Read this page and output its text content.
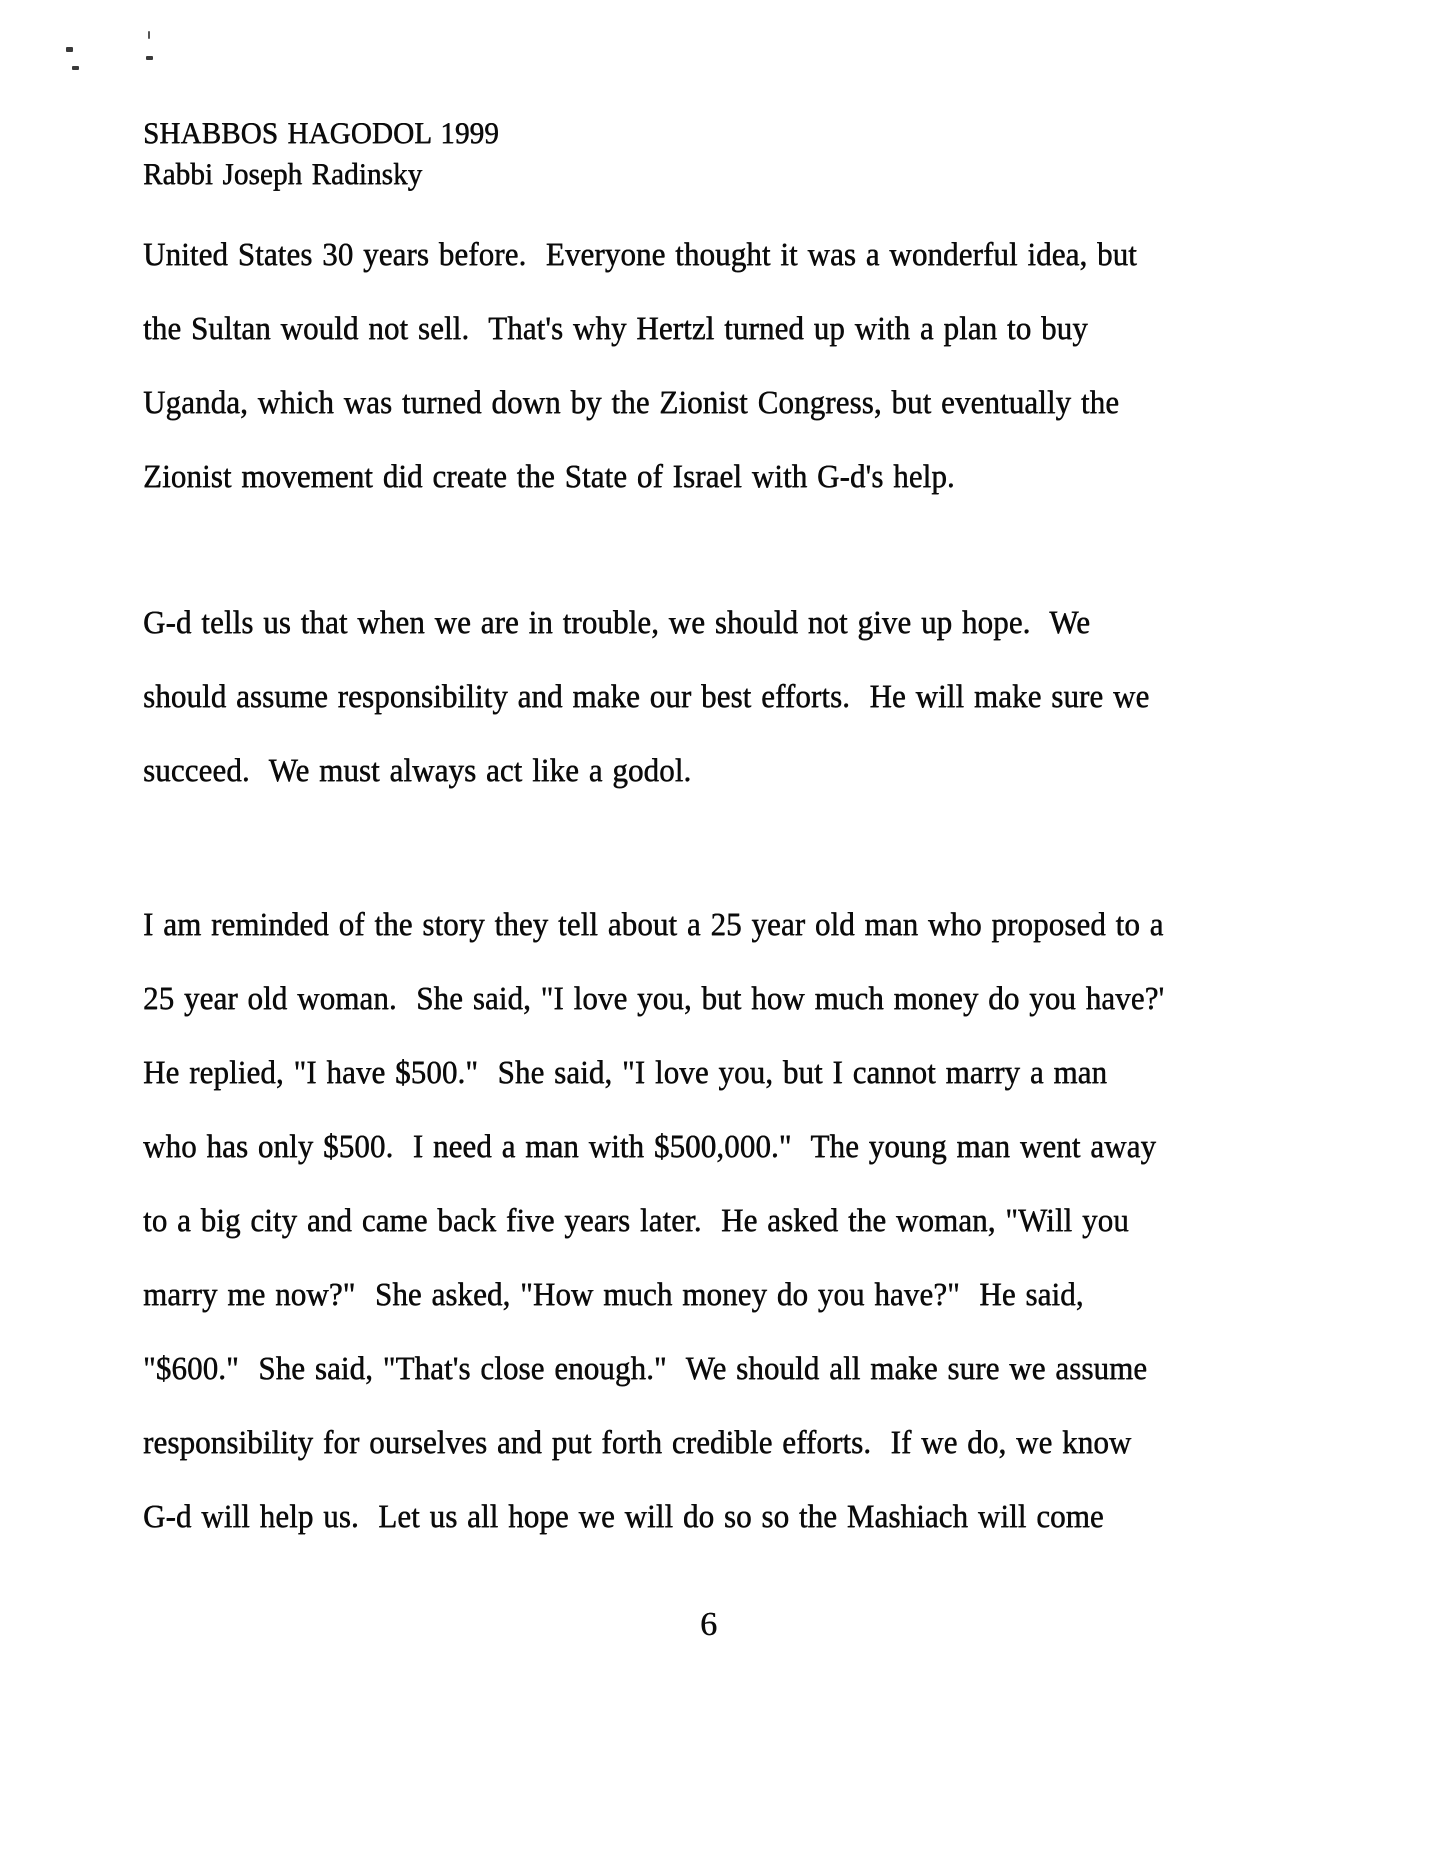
SHABBOS HAGODOL 1999
Rabbi Joseph Radinsky
United States 30 years before.  Everyone thought it was a wonderful idea, but
the Sultan would not sell.  That's why Hertzl turned up with a plan to buy
Uganda, which was turned down by the Zionist Congress, but eventually the
Zionist movement did create the State of Israel with G-d's help.
G-d tells us that when we are in trouble, we should not give up hope.  We
should assume responsibility and make our best efforts.  He will make sure we
succeed.  We must always act like a godol.
I am reminded of the story they tell about a 25 year old man who proposed to a
25 year old woman.  She said, "I love you, but how much money do you have?'
He replied, "I have $500."  She said, "I love you, but I cannot marry a man
who has only $500.  I need a man with $500,000."  The young man went away
to a big city and came back five years later.  He asked the woman, "Will you
marry me now?"  She asked, "How much money do you have?"  He said,
"$600."  She said, "That's close enough."  We should all make sure we assume
responsibility for ourselves and put forth credible efforts.  If we do, we know
G-d will help us.  Let us all hope we will do so so the Mashiach will come
6
